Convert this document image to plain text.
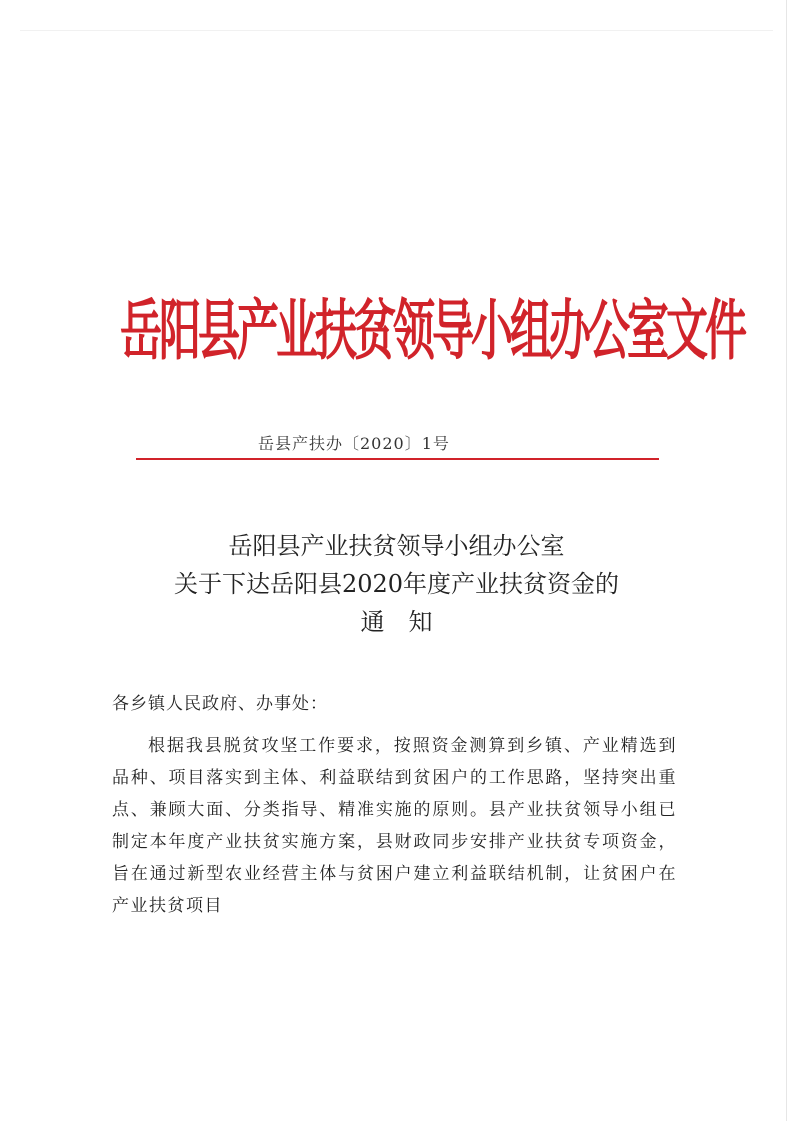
岳阳县产业扶贫领导小组办公室文件
岳县产扶办〔2020〕1号
岳阳县产业扶贫领导小组办公室
关于下达岳阳县2020年度产业扶贫资金的
通知
各乡镇人民政府、办事处：

根据我县脱贫攻坚工作要求，按照资金测算到乡镇、产业精选到品种、项目落实到主体、利益联结到贫困户的工作思路，坚持突出重点、兼顾大面、分类指导、精准实施的原则。县产业扶贫领导小组已制定本年度产业扶贫实施方案，县财政同步安排产业扶贫专项资金，旨在通过新型农业经营主体与贫困户建立利益联结机制，让贫困户在产业扶贫项目
